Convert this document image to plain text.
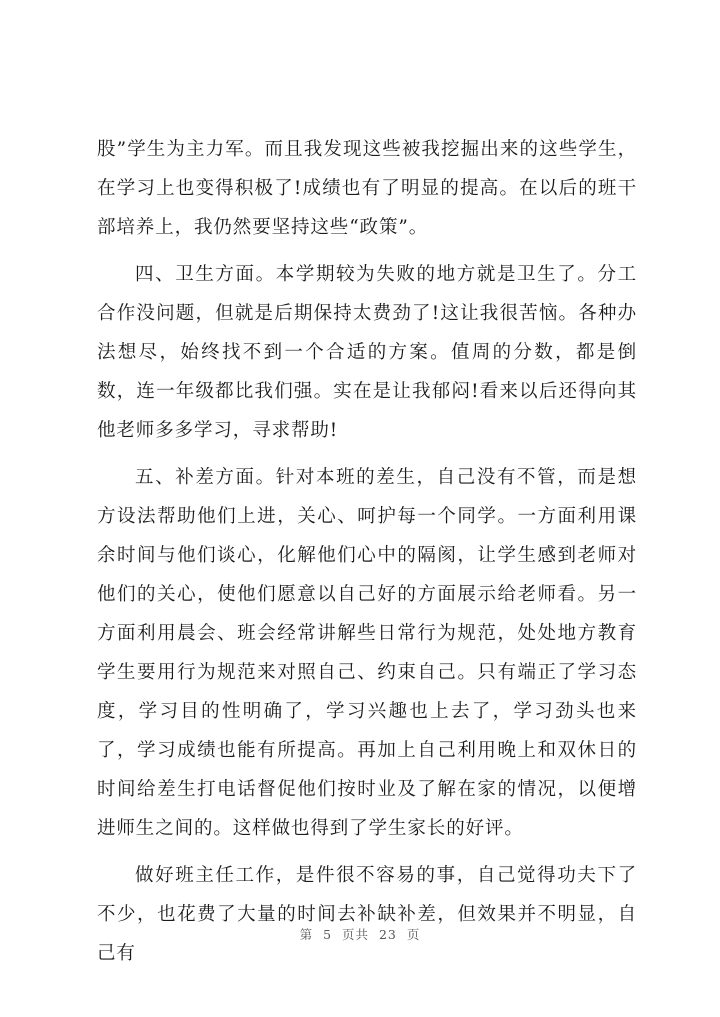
股”学生为主力军。而且我发现这些被我挖掘出来的这些学生，在学习上也变得积极了!成绩也有了明显的提高。在以后的班干部培养上，我仍然要坚持这些“政策”。

四、卫生方面。本学期较为失败的地方就是卫生了。分工合作没问题，但就是后期保持太费劲了!这让我很苦恼。各种办法想尽，始终找不到一个合适的方案。值周的分数，都是倒数，连一年级都比我们强。实在是让我郁闷!看来以后还得向其他老师多多学习，寻求帮助!

五、补差方面。针对本班的差生，自己没有不管，而是想方设法帮助他们上进，关心、呵护每一个同学。一方面利用课余时间与他们谈心，化解他们心中的隔阂，让学生感到老师对他们的关心，使他们愿意以自己好的方面展示给老师看。另一方面利用晨会、班会经常讲解些日常行为规范，处处地方教育学生要用行为规范来对照自己、约束自己。只有端正了学习态度，学习目的性明确了，学习兴趣也上去了，学习劲头也来了，学习成绩也能有所提高。再加上自己利用晚上和双休日的时间给差生打电话督促他们按时业及了解在家的情况，以便增进师生之间的。这样做也得到了学生家长的好评。

做好班主任工作，是件很不容易的事，自己觉得功夫下了不少，也花费了大量的时间去补缺补差，但效果并不明显，自己有

第 5 页共 23 页
